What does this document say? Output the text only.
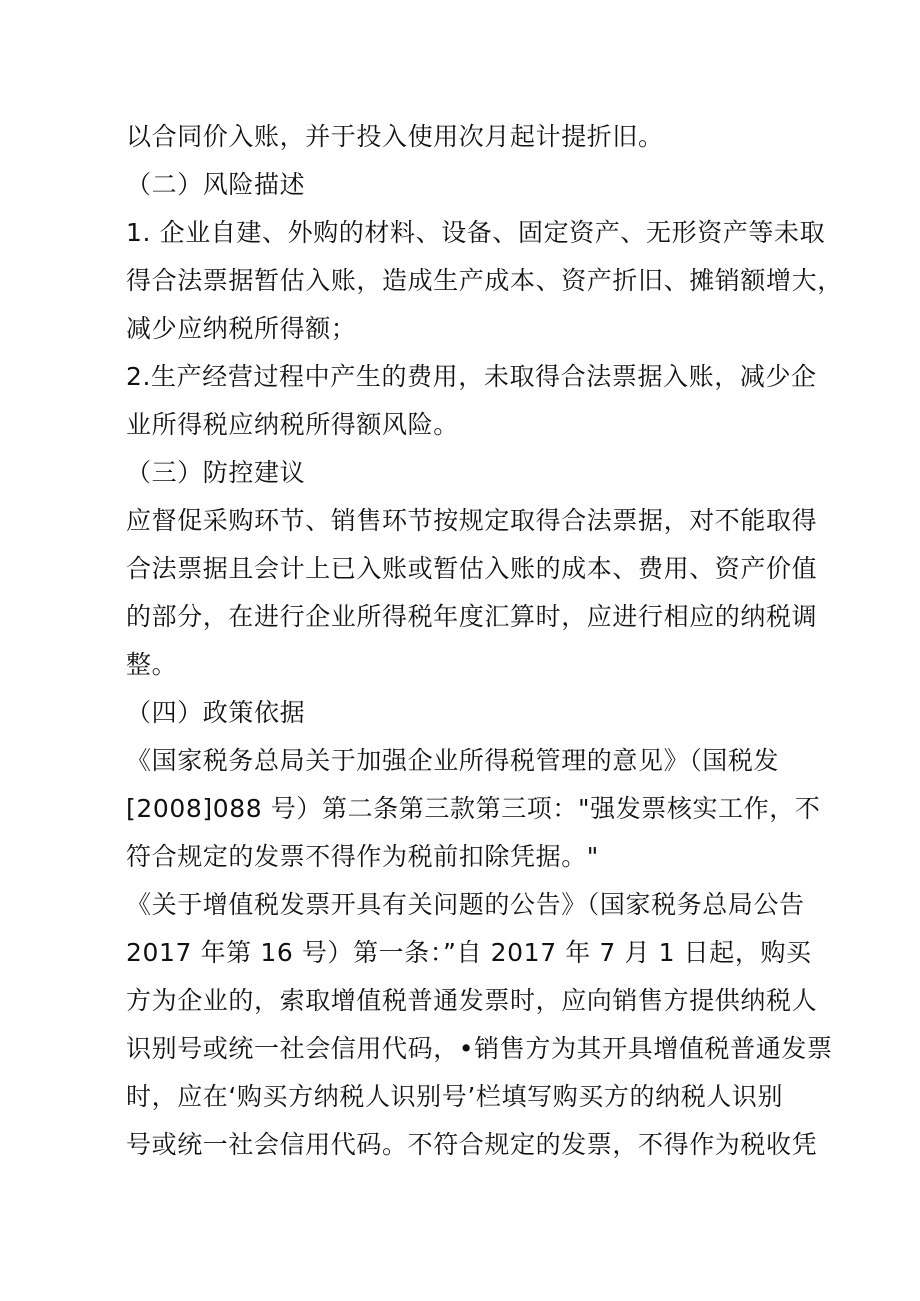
以合同价入账，并于投入使用次月起计提折旧。
（二）风险描述
1. 企业自建、外购的材料、设备、固定资产、无形资产等未取
得合法票据暂估入账，造成生产成本、资产折旧、摊销额增大，
减少应纳税所得额；
2.生产经营过程中产生的费用，未取得合法票据入账，减少企
业所得税应纳税所得额风险。
（三）防控建议
应督促采购环节、销售环节按规定取得合法票据，对不能取得
合法票据且会计上已入账或暂估入账的成本、费用、资产价值
的部分，在进行企业所得税年度汇算时，应进行相应的纳税调
整。
（四）政策依据
《国家税务总局关于加强企业所得税管理的意见》（国税发
[2008]088 号）第二条第三款第三项："强发票核实工作，不
符合规定的发票不得作为税前扣除凭据。"
《关于增值税发票开具有关问题的公告》（国家税务总局公告
2017 年第 16 号）第一条：”自 2017 年 7 月 1 日起，购买
方为企业的，索取增值税普通发票时，应向销售方提供纳税人
识别号或统一社会信用代码，•销售方为其开具增值税普通发票
时，应在‘购买方纳税人识别号’栏填写购买方的纳税人识别
号或统一社会信用代码。不符合规定的发票，不得作为税收凭
